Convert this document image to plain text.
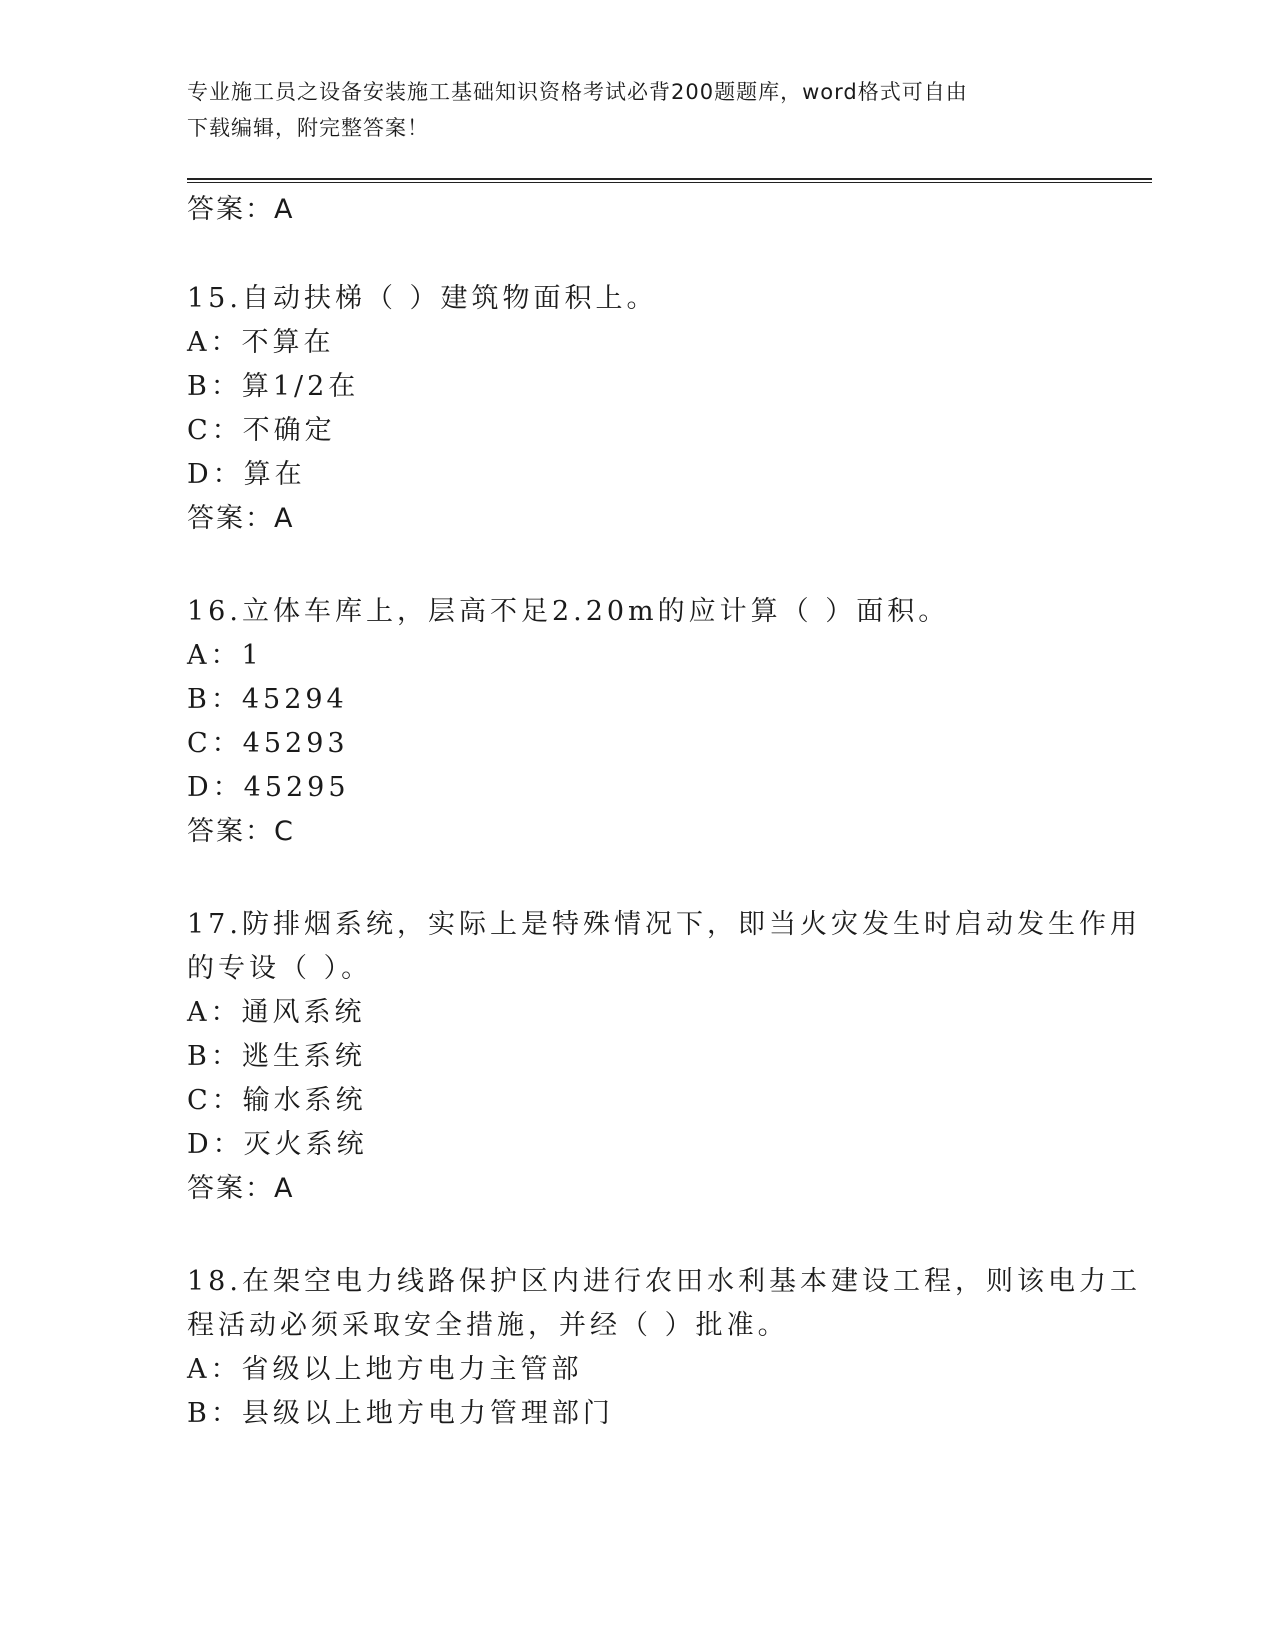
专业施工员之设备安装施工基础知识资格考试必背200题题库，word格式可自由
下载编辑，附完整答案！
答案：A
15.自动扶梯（ ）建筑物面积上。
A：不算在
B：算1/2在
C：不确定
D：算在
答案：A
16.立体车库上，层高不足2.20m的应计算（ ）面积。
A：1
B：45294
C：45293
D：45295
答案：C
17.防排烟系统，实际上是特殊情况下，即当火灾发生时启动发生作用
的专设（ ）。
A：通风系统
B：逃生系统
C：输水系统
D：灭火系统
答案：A
18.在架空电力线路保护区内进行农田水利基本建设工程，则该电力工
程活动必须采取安全措施，并经（ ）批准。
A：省级以上地方电力主管部
B：县级以上地方电力管理部门
